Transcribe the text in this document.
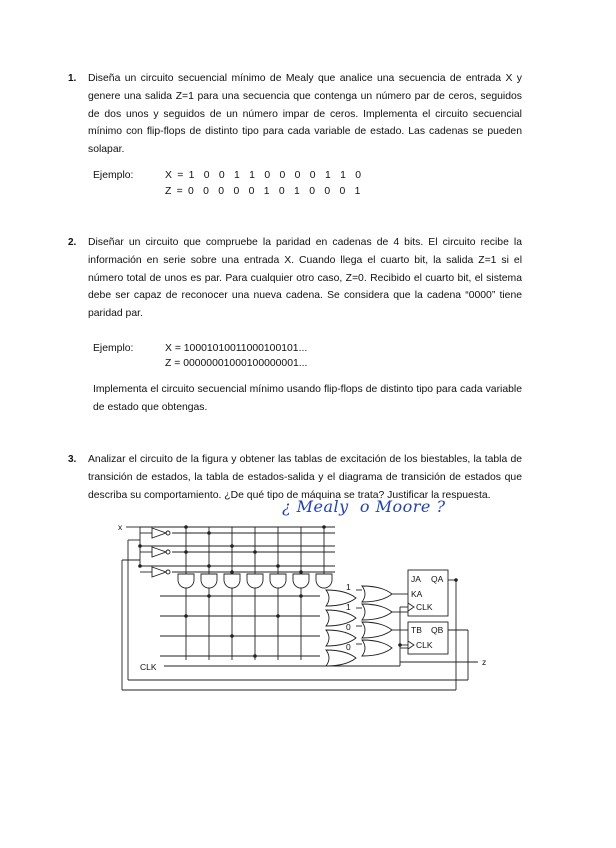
1. Diseña un circuito secuencial mínimo de Mealy que analice una secuencia de entrada X y genere una salida Z=1 para una secuencia que contenga un número par de ceros, seguidos de dos unos y seguidos de un número impar de ceros. Implementa el circuito secuencial mínimo con flip-flops de distinto tipo para cada variable de estado. Las cadenas se pueden solapar.
Ejemplo:	X = 1  0  0  1  1  0  0  0  0  1  1  0
Z = 0  0  0  0  0  1  0  1  0  0  0  1
2. Diseñar un circuito que compruebe la paridad en cadenas de 4 bits. El circuito recibe la información en serie sobre una entrada X. Cuando llega el cuarto bit, la salida Z=1 si el número total de unos es par. Para cualquier otro caso, Z=0. Recibido el cuarto bit, el sistema debe ser capaz de reconocer una nueva cadena. Se considera que la cadena “0000” tiene paridad par.
Ejemplo:	X = 10001010011000100101...
Z = 00000001000100000001...
Implementa el circuito secuencial mínimo usando flip-flops de distinto tipo para cada variable de estado que obtengas.
3. Analizar el circuito de la figura y obtener las tablas de excitación de los biestables, la tabla de transición de estados, la tabla de estados-salida y el diagrama de transición de estados que describa su comportamiento. ¿De qué tipo de máquina se trata? Justificar la respuesta.
¿ Mealy  o Moore ?
x
z
CLK
JA QA
KA
CLK
TB QB
CLK
1
1
0
0
